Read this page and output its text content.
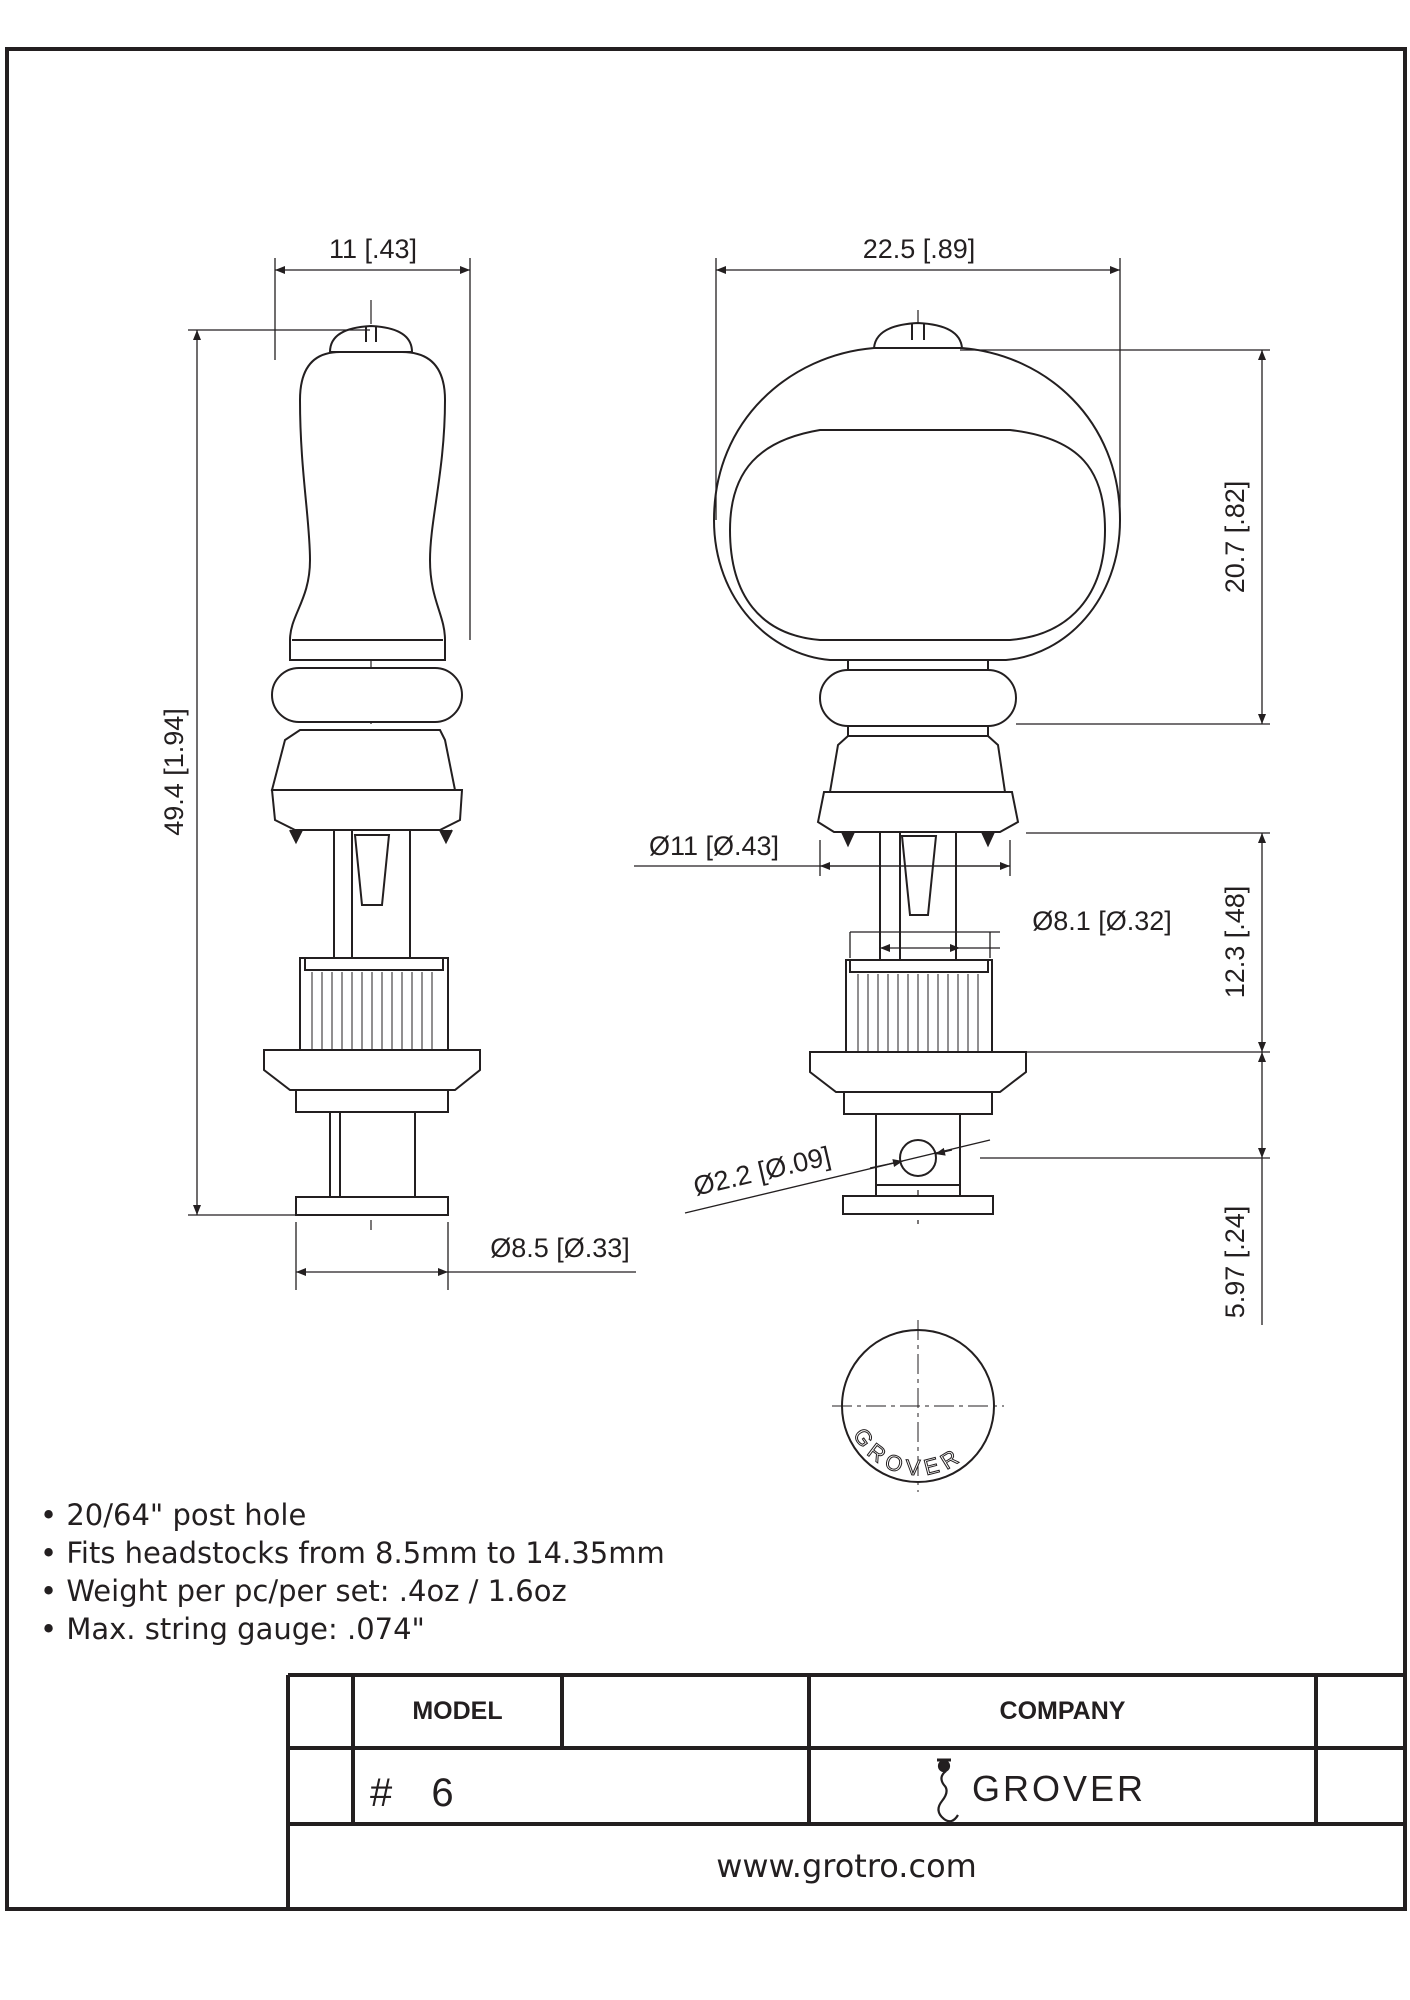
11 [.43]
49.4 [1.94]
Ø8.5 [Ø.33]
22.5 [.89]
20.7 [.82]
Ø11 [Ø.43]
Ø8.1 [Ø.32] 12.3 [.48]
Ø2.2 [Ø.09]
5.97 [.24]
GROVER
• 20/64" post hole
• Fits headstocks from 8.5mm to 14.35mm
• Weight per pc/per set: .4oz / 1.6oz
• Max. string gauge: .074"
MODEL
# 6
COMPANY
GROVER
www.grotro.com
